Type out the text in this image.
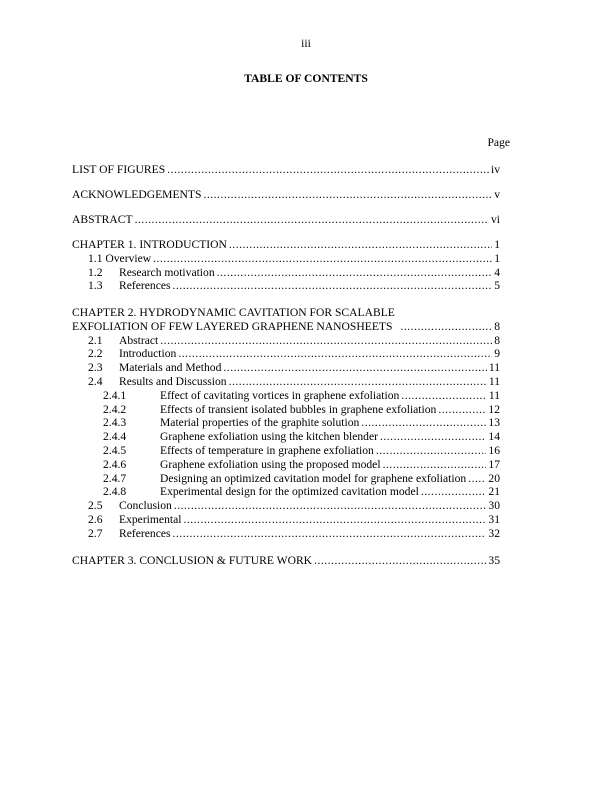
iii
TABLE OF CONTENTS
Page
LIST OF FIGURES .....	iv
ACKNOWLEDGEMENTS .....	v
ABSTRACT .....	vi
CHAPTER 1. INTRODUCTION .....	1
1.1 Overview .....	1
1.2	Research motivation .....	4
1.3	References .....	5
CHAPTER 2. HYDRODYNAMIC CAVITATION FOR SCALABLE
EXFOLIATION OF FEW LAYERED GRAPHENE NANOSHEETS .....	8
2.1	Abstract .....	8
2.2	Introduction .....	9
2.3	Materials and Method .....	11
2.4	Results and Discussion .....	11
2.4.1	Effect of cavitating vortices in graphene exfoliation .....	11
2.4.2	Effects of transient isolated bubbles in graphene exfoliation .....	12
2.4.3	Material properties of the graphite solution .....	13
2.4.4	Graphene exfoliation using the kitchen blender .....	14
2.4.5	Effects of temperature in graphene exfoliation .....	16
2.4.6	Graphene exfoliation using the proposed model .....	17
2.4.7	Designing an optimized cavitation model for graphene exfoliation ..... 20
2.4.8	Experimental design for the optimized cavitation model .....	21
2.5	Conclusion .....	30
2.6	Experimental .....	31
2.7	References .....	32
CHAPTER 3. CONCLUSION & FUTURE WORK .....	35
